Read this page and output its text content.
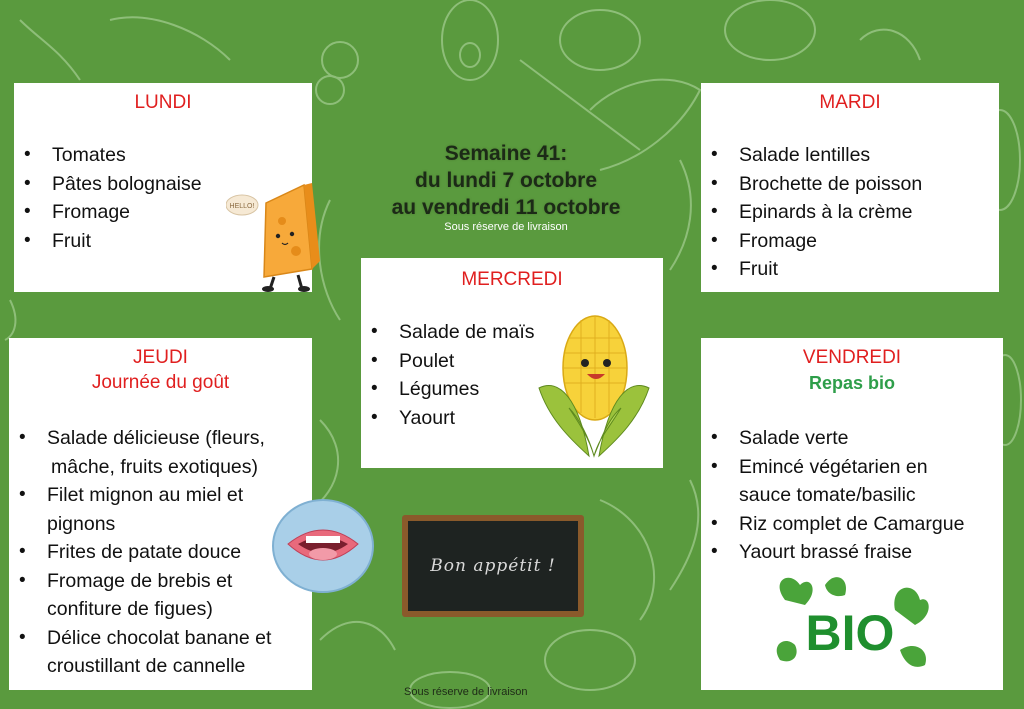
LUNDI

• Tomates
• Pâtes bolognaise
• Fromage
• Fruit
HELLO!

MARDI

• Salade lentilles
• Brochette de poisson
• Epinards à la crème
• Fromage
• Fruit
Semaine 41:
du lundi 7 octobre
au vendredi 11 octobre
Sous réserve de livraison

MERCREDI

• Salade de maïs
• Poulet
• Légumes
• Yaourt

JEUDI

Journée du goût

• Salade délicieuse (fleurs,
mâche, fruits exotiques)
• Filet mignon au miel et
pignons
• Frites de patate douce
• Fromage de brebis et
confiture de figues)
• Délice chocolat banane et
croustillant de cannelle
Bon appétit !

VENDREDI

Repas bio

• Salade verte
• Emincé végétarien en
sauce tomate/basilic
• Riz complet de Camargue
• Yaourt brassé fraise
BIO
Sous réserve de livraison
